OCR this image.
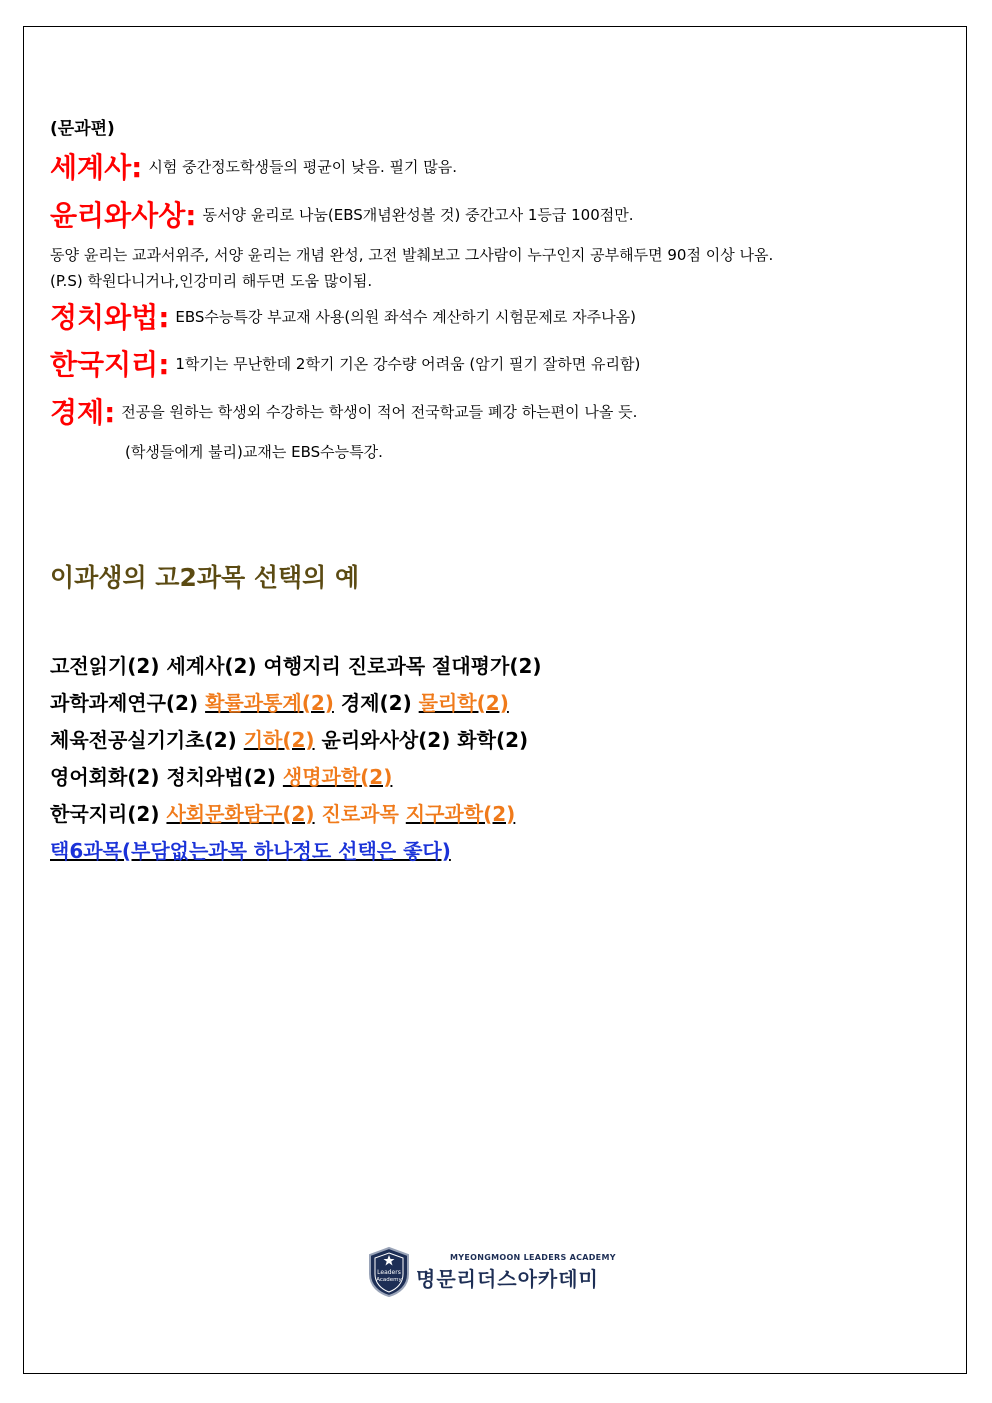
(문과편)
세계사: 시험 중간정도학생들의 평균이 낮음. 필기 많음.
윤리와사상: 동서양 윤리로 나눔(EBS개념완성볼 것) 중간고사 1등급 100점만.
동양 윤리는 교과서위주, 서양 윤리는 개념 완성, 고전 발췌보고 그사람이 누구인지 공부해두면 90점 이상 나옴.
(P.S) 학원다니거나,인강미리 해두면 도움 많이됨.
정치와법: EBS수능특강 부교재 사용(의원 좌석수 계산하기 시험문제로 자주나옴)
한국지리: 1학기는 무난한데 2학기 기온 강수량 어려움 (암기 필기 잘하면 유리함)
경제: 전공을 원하는 학생외 수강하는 학생이 적어 전국학교들 폐강 하는편이 나올 듯.
(학생들에게 불리)교재는 EBS수능특강.
이과생의 고2과목 선택의 예
고전읽기(2) 세계사(2) 여행지리 진로과목 절대평가(2)
과학과제연구(2) 확률과통계(2) 경제(2) 물리학(2)
체육전공실기기초(2) 기하(2) 윤리와사상(2) 화학(2)
영어회화(2) 정치와법(2) 생명과학(2)
한국지리(2) 사회문화탐구(2) 진로과목 지구과학(2)
택6과목(부담없는과목 하나정도 선택은 좋다)
Leaders
Academy
MYEONGMOON LEADERS ACADEMY
명문리더스아카데미
